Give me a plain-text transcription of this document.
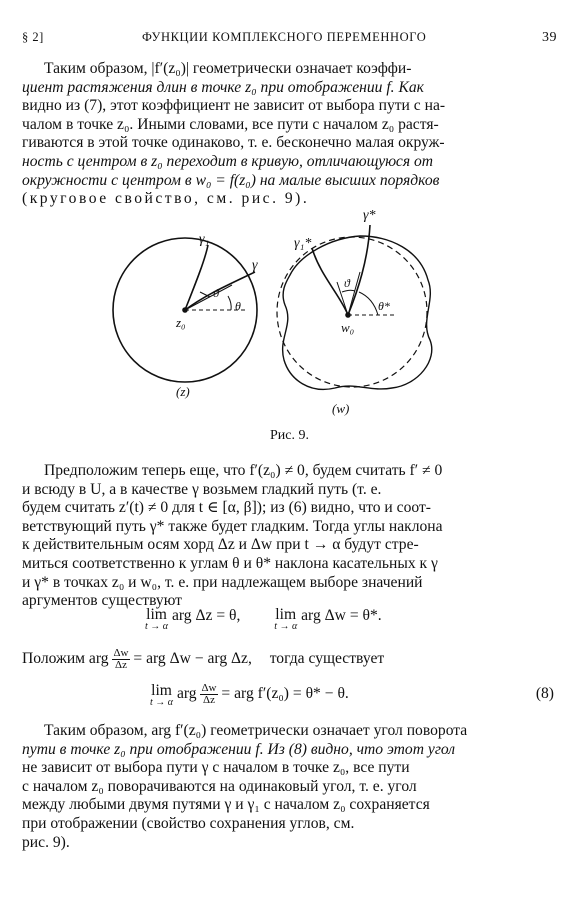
§ 2]	ФУНКЦИИ КОМПЛЕКСНОГО ПЕРЕМЕННОГО	39
Таким образом, |f′(z₀)| геометрически означает коэффи-
циент растяжения длин в точке z₀ при отображении f. Как
видно из (7), этот коэффициент не зависит от выбора пути с на-
чалом в точке z₀. Иными словами, все пути с началом z₀ растя-
гиваются в этой точке одинаково, т. е. бесконечно малая окруж-
ность с центром в z₀ переходит в кривую, отличающуюся от
окружности с центром в w₀ = f(z₀) на малые высших порядков
(круговое свойство, см. рис. 9).
γ₁
γ
ϑ
θ
z₀
(z)
γ*
γ₁*
ϑ
θ*
w₀
(w)
Рис. 9.
Предположим теперь еще, что f′(z₀) ≠ 0, будем считать f′ ≠ 0
и всюду в U, а в качестве γ возьмем гладкий путь (т. е.
будем считать z′(t) ≠ 0 для t ∈ [α, β]); из (6) видно, что и соот-
ветствующий путь γ* также будет гладким. Тогда углы наклона
к действительным осям хорд Δz и Δw при t → α будут стре-
миться соответственно к углам θ и θ* наклона касательных к γ
и γ* в точках z₀ и w₀, т. е. при надлежащем выборе значений
аргументов существуют
lim
t → α
arg Δz = θ, lim
t → α
arg Δw = θ*.
Положим arg $\frac{\Delta w}{\Delta z}$ = arg Δw − arg Δz, тогда существует
lim
t → α
arg $\frac{\Delta w}{\Delta z}$ = arg f′(z₀) = θ* − θ.	(8)
Таким образом, arg f′(z₀) геометрически означает угол поворота
пути в точке z₀ при отображении f. Из (8) видно, что этот угол
не зависит от выбора пути γ с началом в точке z₀, все пути
с началом z₀ поворачиваются на одинаковый угол, т. е. угол
между любыми двумя путями γ и γ₁ с началом z₀ сохраняется
при отображении (свойство сохранения углов, см.
рис. 9).
